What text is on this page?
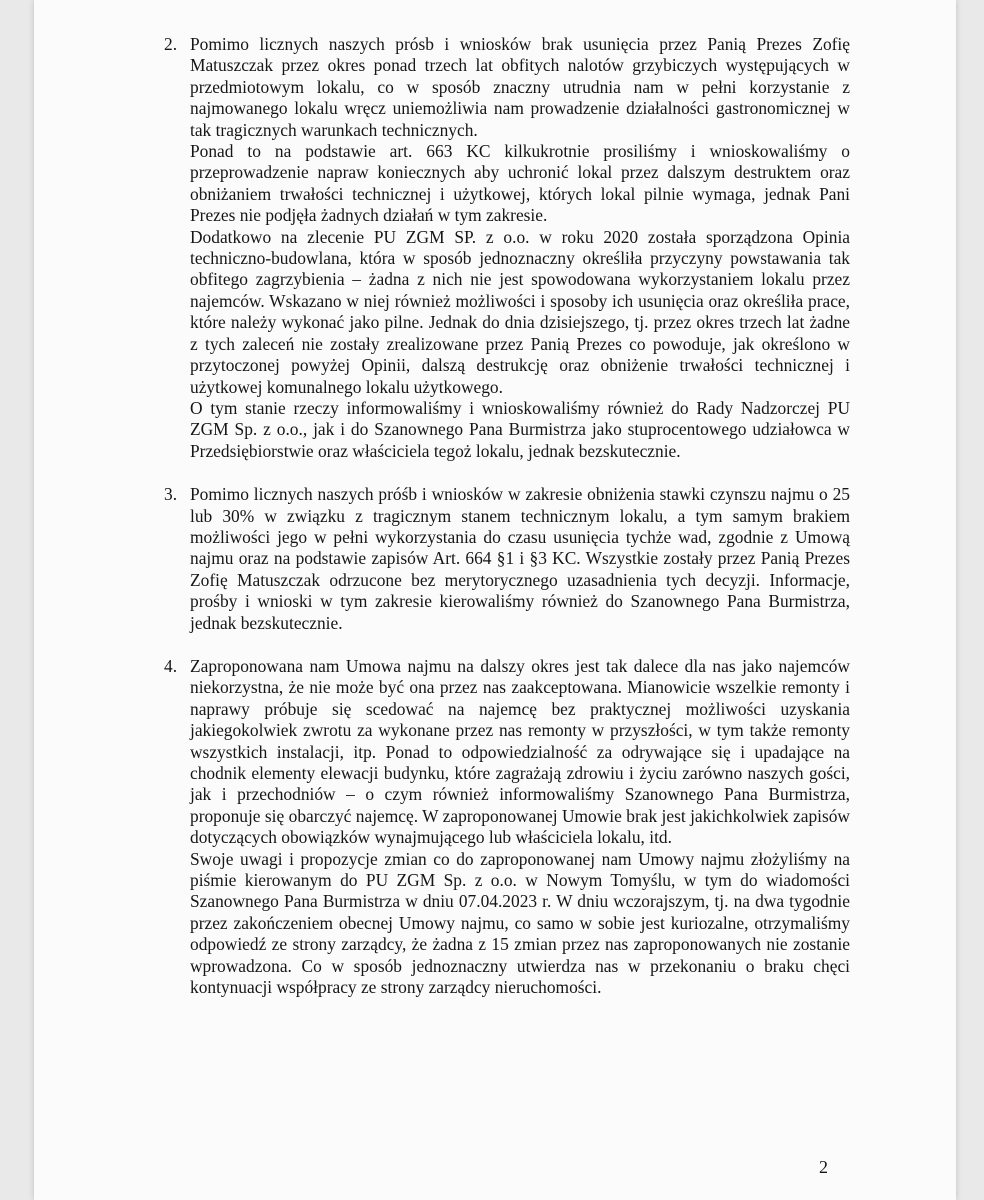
2. Pomimo licznych naszych prósb i wniosków brak usunięcia przez Panią Prezes Zofię Matuszczak przez okres ponad trzech lat obfitych nalotów grzybiczych występujących w przedmiotowym lokalu, co w sposób znaczny utrudnia nam w pełni korzystanie z najmowanego lokalu wręcz uniemożliwia nam prowadzenie działalności gastronomicznej w tak tragicznych warunkach technicznych.

Ponad to na podstawie art. 663 KC kilkukrotnie prosiliśmy i wnioskowaliśmy o przeprowadzenie napraw koniecznych aby uchronić lokal przez dalszym destruktem oraz obniżaniem trwałości technicznej i użytkowej, których lokal pilnie wymaga, jednak Pani Prezes nie podjęła żadnych działań w tym zakresie.

Dodatkowo na zlecenie PU ZGM SP. z o.o. w roku 2020 została sporządzona Opinia techniczno-budowlana, która w sposób jednoznaczny określiła przyczyny powstawania tak obfitego zagrzybienia – żadna z nich nie jest spowodowana wykorzystaniem lokalu przez najemców. Wskazano w niej również możliwości i sposoby ich usunięcia oraz określiła prace, które należy wykonać jako pilne. Jednak do dnia dzisiejszego, tj. przez okres trzech lat żadne z tych zaleceń nie zostały zrealizowane przez Panią Prezes co powoduje, jak określono w przytoczonej powyżej Opinii, dalszą destrukcję oraz obniżenie trwałości technicznej i użytkowej komunalnego lokalu użytkowego.

O tym stanie rzeczy informowaliśmy i wnioskowaliśmy również do Rady Nadzorczej PU ZGM Sp. z o.o., jak i do Szanownego Pana Burmistrza jako stuprocentowego udziałowca w Przedsiębiorstwie oraz właściciela tegoż lokalu, jednak bezskutecznie.

3. Pomimo licznych naszych próśb i wniosków w zakresie obniżenia stawki czynszu najmu o 25 lub 30% w związku z tragicznym stanem technicznym lokalu, a tym samym brakiem możliwości jego w pełni wykorzystania do czasu usunięcia tychże wad, zgodnie z Umową najmu oraz na podstawie zapisów Art. 664 §1 i §3 KC. Wszystkie zostały przez Panią Prezes Zofię Matuszczak odrzucone bez merytorycznego uzasadnienia tych decyzji. Informacje, prośby i wnioski w tym zakresie kierowaliśmy również do Szanownego Pana Burmistrza, jednak bezskutecznie.

4. Zaproponowana nam Umowa najmu na dalszy okres jest tak dalece dla nas jako najemców niekorzystna, że nie może być ona przez nas zaakceptowana. Mianowicie wszelkie remonty i naprawy próbuje się scedować na najemcę bez praktycznej możliwości uzyskania jakiegokolwiek zwrotu za wykonane przez nas remonty w przyszłości, w tym także remonty wszystkich instalacji, itp. Ponad to odpowiedzialność za odrywające się i upadające na chodnik elementy elewacji budynku, które zagrażają zdrowiu i życiu zarówno naszych gości, jak i przechodniów – o czym również informowaliśmy Szanownego Pana Burmistrza, proponuje się obarczyć najemcę. W zaproponowanej Umowie brak jest jakichkolwiek zapisów dotyczących obowiązków wynajmującego lub właściciela lokalu, itd.

Swoje uwagi i propozycje zmian co do zaproponowanej nam Umowy najmu złożyliśmy na piśmie kierowanym do PU ZGM Sp. z o.o. w Nowym Tomyślu, w tym do wiadomości Szanownego Pana Burmistrza w dniu 07.04.2023 r. W dniu wczorajszym, tj. na dwa tygodnie przez zakończeniem obecnej Umowy najmu, co samo w sobie jest kuriozalne, otrzymaliśmy odpowiedź ze strony zarządcy, że żadna z 15 zmian przez nas zaproponowanych nie zostanie wprowadzona. Co w sposób jednoznaczny utwierdza nas w przekonaniu o braku chęci kontynuacji współpracy ze strony zarządcy nieruchomości.

2
